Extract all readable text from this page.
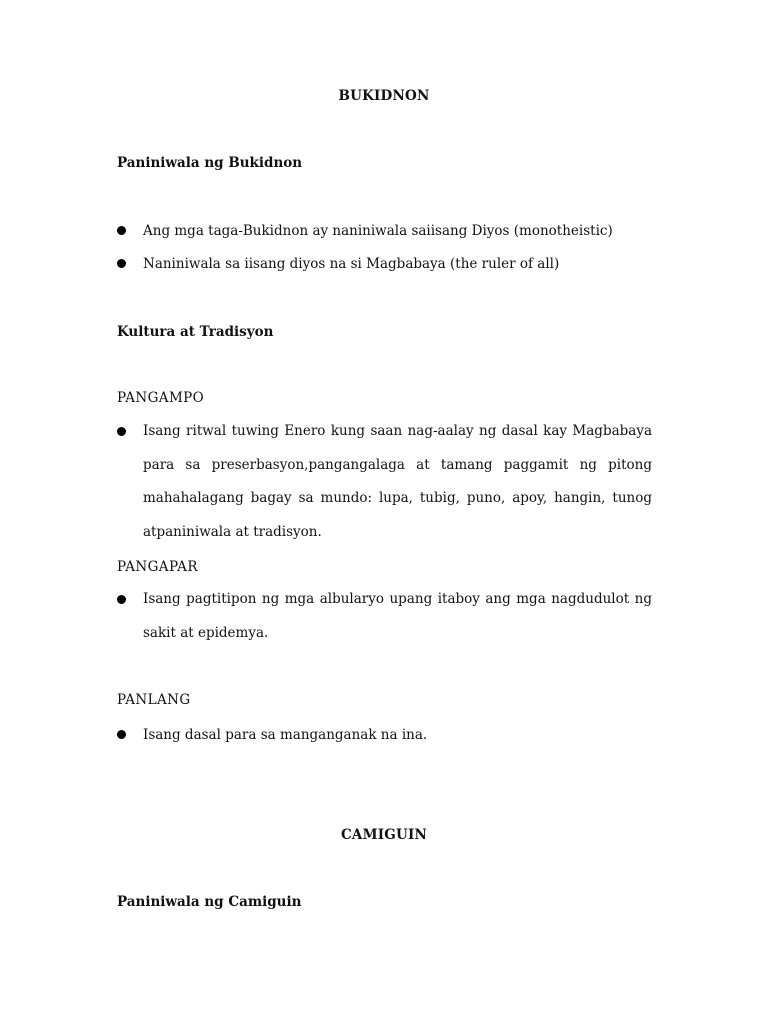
BUKIDNON
Paniniwala ng Bukidnon
Ang mga taga-Bukidnon ay naniniwala saiisang Diyos (monotheistic)
Naniniwala sa iisang diyos na si Magbabaya (the ruler of all)
Kultura at Tradisyon
PANGAMPO
Isang ritwal tuwing Enero kung saan nag-aalay ng dasal kay Magbabaya para sa preserbasyon,pangangalaga at tamang paggamit ng pitong mahahalagang bagay sa mundo: lupa, tubig, puno, apoy, hangin, tunog atpaniniwala at tradisyon.
PANGAPAR
Isang pagtitipon ng mga albularyo upang itaboy ang mga nagdudulot ng sakit at epidemya.
PANLANG
Isang dasal para sa manganganak na ina.
CAMIGUIN
Paniniwala ng Camiguin
